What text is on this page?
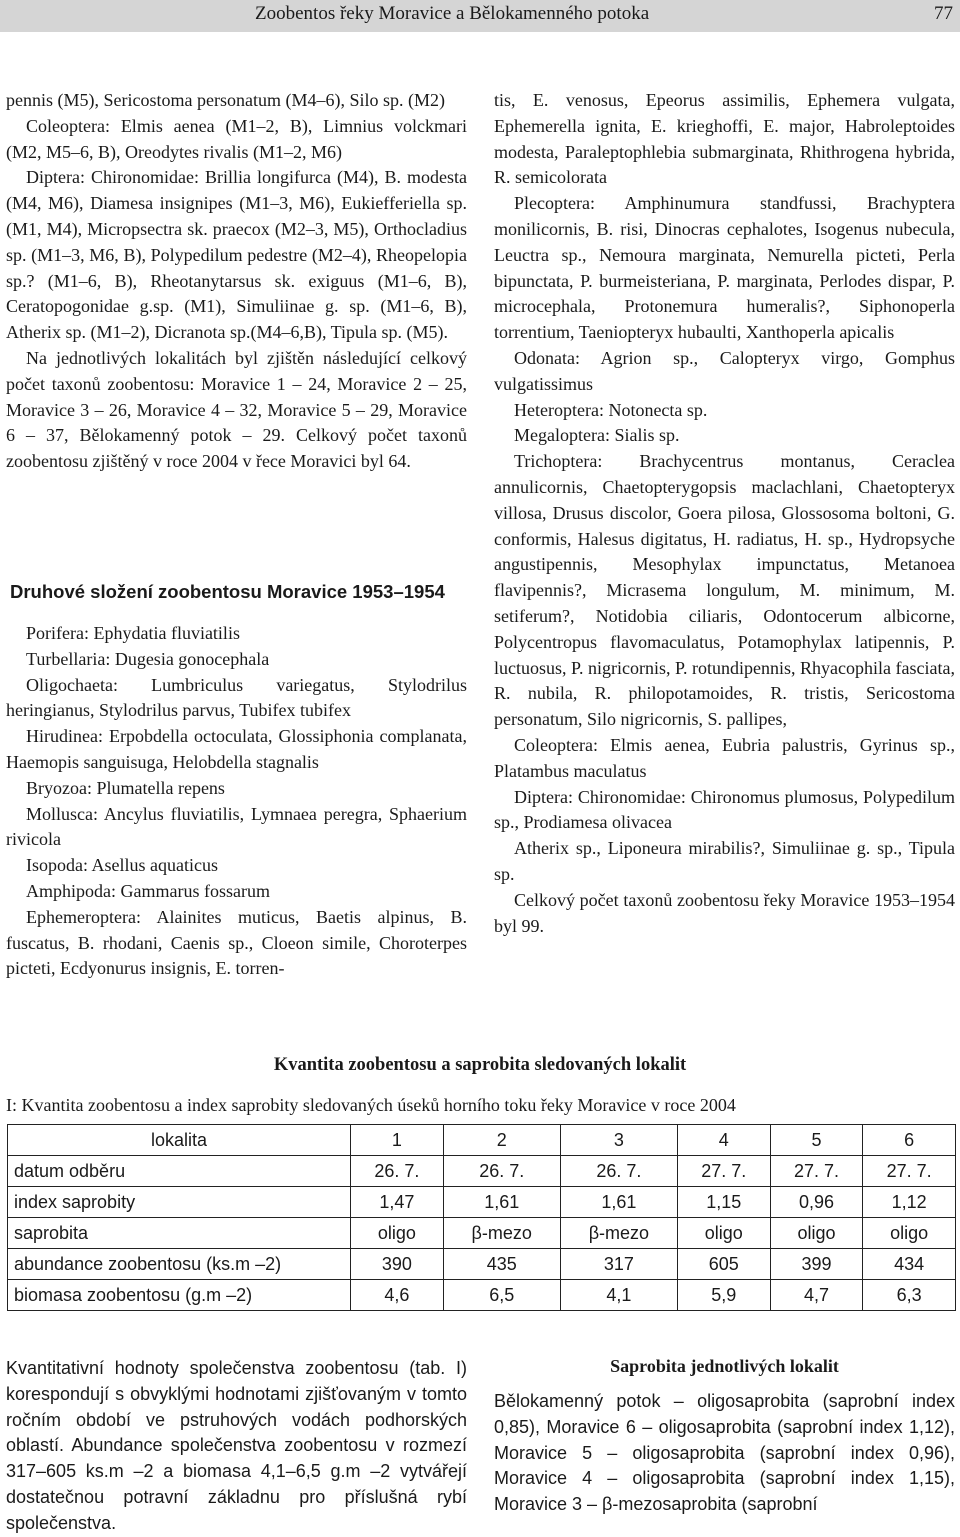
Zoobentos řeky Moravice a Bělokamenného potoka	77

pennis (M5), Sericostoma personatum (M4–6), Silo sp. (M2)

Coleoptera: Elmis aenea (M1–2, B), Limnius volckmari (M2, M5–6, B), Oreodytes rivalis (M1–2, M6)

Diptera: Chironomidae: Brillia longifurca (M4), B. modesta (M4, M6), Diamesa insignipes (M1–3, M6), Eukiefferiella sp. (M1, M4), Micropsectra sk. praecox (M2–3, M5), Orthocladius sp. (M1–3, M6, B), Polypedilum pedestre (M2–4), Rheopelopia sp.? (M1–6, B), Rheotanytarsus sk. exiguus (M1–6, B), Ceratopogonidae g.sp. (M1), Simuliinae g. sp. (M1–6, B), Atherix sp. (M1–2), Dicranota sp.(M4–6,B), Tipula sp. (M5).

Na jednotlivých lokalitách byl zjištěn následující celkový počet taxonů zoobentosu: Moravice 1 – 24, Moravice 2 – 25, Moravice 3 – 26, Moravice 4 – 32, Moravice 5 – 29, Moravice 6 – 37, Bělokamenný potok – 29. Celkový počet taxonů zoobentosu zjištěný v roce 2004 v řece Moravici byl 64.

Druhové složení zoobentosu Moravice 1953–1954

Porifera: Ephydatia fluviatilis

Turbellaria: Dugesia gonocephala

Oligochaeta: Lumbriculus variegatus, Stylodrilus heringianus, Stylodrilus parvus, Tubifex tubifex

Hirudinea: Erpobdella octoculata, Glossiphonia complanata, Haemopis sanguisuga, Helobdella stagnalis

Bryozoa: Plumatella repens

Mollusca: Ancylus fluviatilis, Lymnaea peregra, Sphaerium rivicola

Isopoda: Asellus aquaticus

Amphipoda: Gammarus fossarum

Ephemeroptera: Alainites muticus, Baetis alpinus, B. fuscatus, B. rhodani, Caenis sp., Cloeon simile, Choroterpes picteti, Ecdyonurus insignis, E. torren-

tis, E. venosus, Epeorus assimilis, Ephemera vulgata, Ephemerella ignita, E. krieghoffi, E. major, Habroleptoides modesta, Paraleptophlebia submarginata, Rhithrogena hybrida, R. semicolorata

Plecoptera: Amphinumura standfussi, Brachyptera monilicornis, B. risi, Dinocras cephalotes, Isogenus nubecula, Leuctra sp., Nemoura marginata, Nemurella picteti, Perla bipunctata, P. burmeisteriana, P. marginata, Perlodes dispar, P. microcephala, Protonemura humeralis?, Siphonoperla torrentium, Taeniopteryx hubaulti, Xanthoperla apicalis

Odonata: Agrion sp., Calopteryx virgo, Gomphus vulgatissimus

Heteroptera: Notonecta sp.

Megaloptera: Sialis sp.

Trichoptera: Brachycentrus montanus, Ceraclea annulicornis, Chaetopterygopsis maclachlani, Chaetopteryx villosa, Drusus discolor, Goera pilosa, Glossosoma boltoni, G. conformis, Halesus digitatus, H. radiatus, H. sp., Hydropsyche angustipennis, Mesophylax impunctatus, Metanoea flavipennis?, Micrasema longulum, M. minimum, M. setiferum?, Notidobia ciliaris, Odontocerum albicorne, Polycentropus flavomaculatus, Potamophylax latipennis, P. luctuosus, P. nigricornis, P. rotundipennis, Rhyacophila fasciata, R. nubila, R. philopotamoides, R. tristis, Sericostoma personatum, Silo nigricornis, S. pallipes,

Coleoptera: Elmis aenea, Eubria palustris, Gyrinus sp., Platambus maculatus

Diptera: Chironomidae: Chironomus plumosus, Polypedilum sp., Prodiamesa olivacea

Atherix sp., Liponeura mirabilis?, Simuliinae g. sp., Tipula sp.

Celkový počet taxonů zoobentosu řeky Moravice 1953–1954 byl 99.

Kvantita zoobentosu a saprobita sledovaných lokalit
I: Kvantita zoobentosu a index saprobity sledovaných úseků horního toku řeky Moravice v roce 2004
lokalita	1	2	3	4	5	6
datum odběru	26. 7.	26. 7.	26. 7.	27. 7.	27. 7.	27. 7.
index saprobity	1,47	1,61	1,61	1,15	0,96	1,12
saprobita	oligo	β-mezo	β-mezo	oligo	oligo	oligo
abundance zoobentosu (ks.m –2)	390	435	317	605	399	434
biomasa zoobentosu (g.m –2)	4,6	6,5	4,1	5,9	4,7	6,3
Kvantitativní hodnoty společenstva zoobentosu (tab. I) korespondují s obvyklými hodnotami zjišťovaným v tomto ročním období ve pstruhových vodách podhorských oblastí. Abundance společenstva zoobentosu v rozmezí 317–605 ks.m –2 a biomasa 4,1–6,5 g.m –2 vytvářejí dostatečnou potravní základnu pro příslušná rybí společenstva.
Saprobita jednotlivých lokalit
Bělokamenný potok – oligosaprobita (saprobní index 0,85), Moravice 6 – oligosaprobita (saprobní index 1,12), Moravice 5 – oligosaprobita (saprobní index 0,96), Moravice 4 – oligosaprobita (saprobní index 1,15), Moravice 3 – β-mezosaprobita (saprobní
